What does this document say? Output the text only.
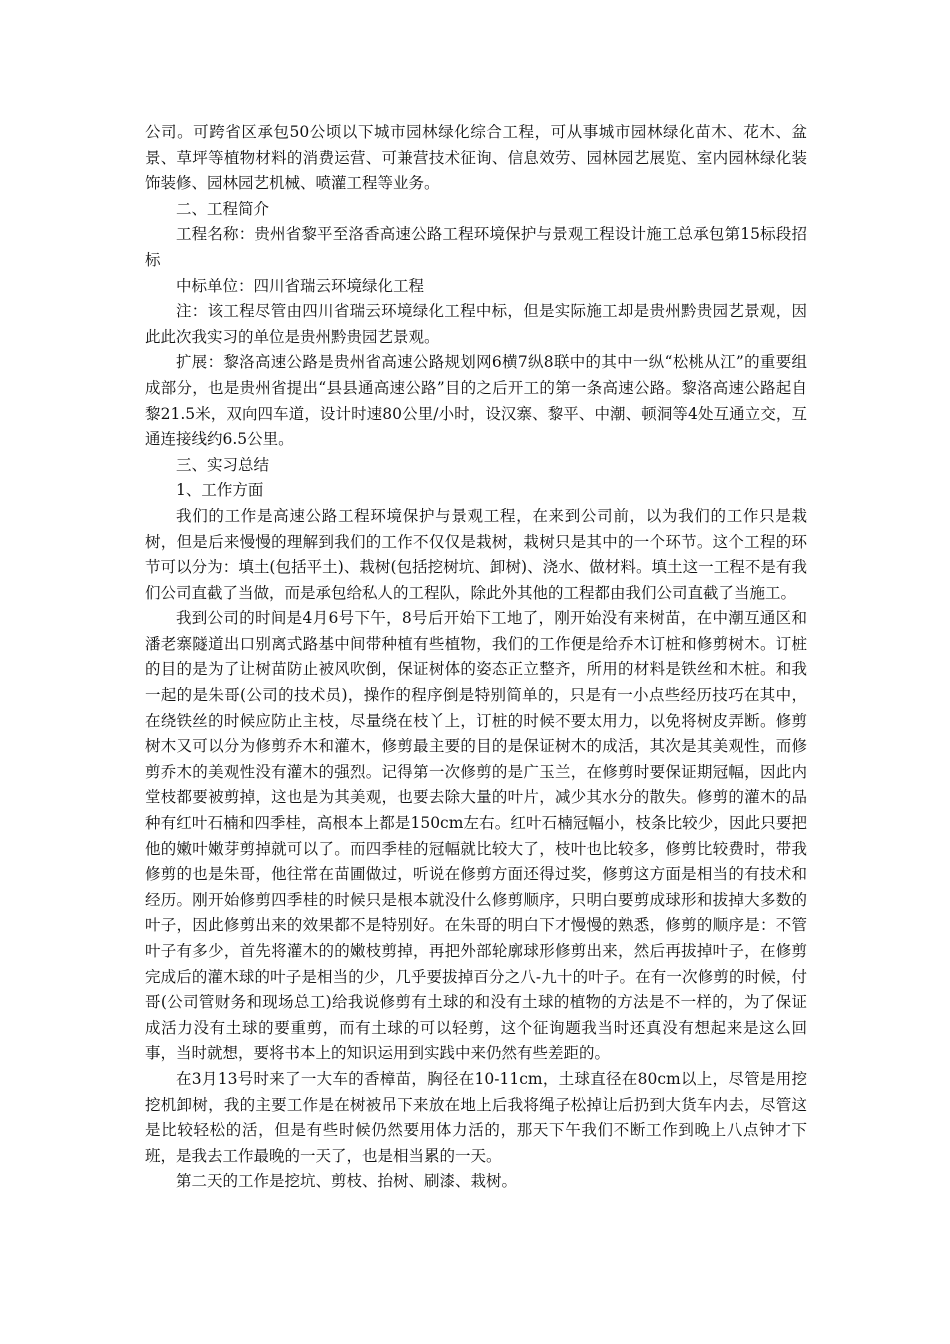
公司。可跨省区承包50公顷以下城市园林绿化综合工程，可从事城市园林绿化苗木、花木、盆景、草坪等植物材料的消费运营、可兼营技术征询、信息效劳、园林园艺展览、室内园林绿化装饰装修、园林园艺机械、喷灌工程等业务。

二、工程简介

工程名称：贵州省黎平至洛香高速公路工程环境保护与景观工程设计施工总承包第15标段招标

中标单位：四川省瑞云环境绿化工程

注：该工程尽管由四川省瑞云环境绿化工程中标，但是实际施工却是贵州黔贵园艺景观，因此此次我实习的单位是贵州黔贵园艺景观。

扩展：黎洛高速公路是贵州省高速公路规划网6横7纵8联中的其中一纵“松桃从江”的重要组成部分，也是贵州省提出“县县通高速公路”目的之后开工的第一条高速公路。黎洛高速公路起自黎21.5米，双向四车道，设计时速80公里/小时，设汉寨、黎平、中潮、顿洞等4处互通立交，互通连接线约6.5公里。

三、实习总结

1、工作方面

我们的工作是高速公路工程环境保护与景观工程，在来到公司前，以为我们的工作只是栽树，但是后来慢慢的理解到我们的工作不仅仅是栽树，栽树只是其中的一个环节。这个工程的环节可以分为：填土(包括平土)、栽树(包括挖树坑、卸树)、浇水、做材料。填土这一工程不是有我们公司直截了当做，而是承包给私人的工程队，除此外其他的工程都由我们公司直截了当施工。

我到公司的时间是4月6号下午，8号后开始下工地了，刚开始没有来树苗，在中潮互通区和潘老寨隧道出口别离式路基中间带种植有些植物，我们的工作便是给乔木订桩和修剪树木。订桩的目的是为了让树苗防止被风吹倒，保证树体的姿态正立整齐，所用的材料是铁丝和木桩。和我一起的是朱哥(公司的技术员)，操作的程序倒是特别简单的，只是有一小点些经历技巧在其中，在绕铁丝的时候应防止主枝，尽量绕在枝丫上，订桩的时候不要太用力，以免将树皮弄断。修剪树木又可以分为修剪乔木和灌木，修剪最主要的目的是保证树木的成活，其次是其美观性，而修剪乔木的美观性没有灌木的强烈。记得第一次修剪的是广玉兰，在修剪时要保证期冠幅，因此内堂枝都要被剪掉，这也是为其美观，也要去除大量的叶片，减少其水分的散失。修剪的灌木的品种有红叶石楠和四季桂，高根本上都是150cm左右。红叶石楠冠幅小，枝条比较少，因此只要把他的嫩叶嫩芽剪掉就可以了。而四季桂的冠幅就比较大了，枝叶也比较多，修剪比较费时，带我修剪的也是朱哥，他往常在苗圃做过，听说在修剪方面还得过奖，修剪这方面是相当的有技术和经历。刚开始修剪四季桂的时候只是根本就没什么修剪顺序，只明白要剪成球形和拔掉大多数的叶子，因此修剪出来的效果都不是特别好。在朱哥的明白下才慢慢的熟悉，修剪的顺序是：不管叶子有多少，首先将灌木的的嫩枝剪掉，再把外部轮廓球形修剪出来，然后再拔掉叶子，在修剪完成后的灌木球的叶子是相当的少，几乎要拔掉百分之八-九十的叶子。在有一次修剪的时候，付哥(公司管财务和现场总工)给我说修剪有土球的和没有土球的植物的方法是不一样的，为了保证成活力没有土球的要重剪，而有土球的可以轻剪，这个征询题我当时还真没有想起来是这么回事，当时就想，要将书本上的知识运用到实践中来仍然有些差距的。

在3月13号时来了一大车的香樟苗，胸径在10-11cm，土球直径在80cm以上，尽管是用挖挖机卸树，我的主要工作是在树被吊下来放在地上后我将绳子松掉让后扔到大货车内去，尽管这是比较轻松的活，但是有些时候仍然要用体力活的，那天下午我们不断工作到晚上八点钟才下班，是我去工作最晚的一天了，也是相当累的一天。

第二天的工作是挖坑、剪枝、抬树、刷漆、栽树。
